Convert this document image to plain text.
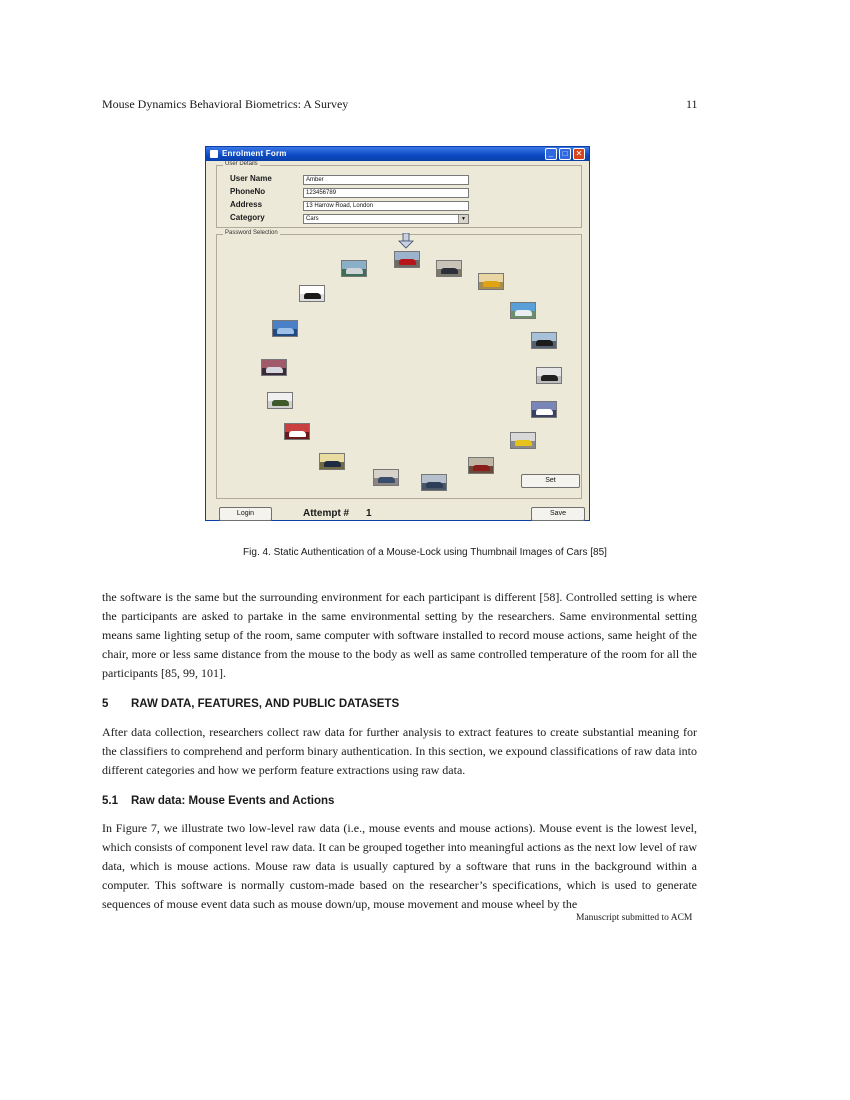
Mouse Dynamics Behavioral Biometrics: A Survey	11
Enrolment Form	_	□	✕
User Details
User Name	Amber
PhoneNo	123456789
Address	13 Harrow Road, London
Category	Cars	▼
Password Selection
Set
Login	Attempt # 1	Save
Fig. 4. Static Authentication of a Mouse-Lock using Thumbnail Images of Cars [85]

the software is the same but the surrounding environment for each participant is different [58]. Controlled setting is where the participants are asked to partake in the same environmental setting by the researchers. Same environmental setting means same lighting setup of the room, same computer with software installed to record mouse actions, same height of the chair, more or less same distance from the mouse to the body as well as same controlled temperature of the room for all the participants [85, 99, 101].

5 RAW DATA, FEATURES, AND PUBLIC DATASETS

After data collection, researchers collect raw data for further analysis to extract features to create substantial meaning for the classifiers to comprehend and perform binary authentication. In this section, we expound classifications of raw data into different categories and how we perform feature extractions using raw data.

5.1 Raw data: Mouse Events and Actions

In Figure 7, we illustrate two low-level raw data (i.e., mouse events and mouse actions). Mouse event is the lowest level, which consists of component level raw data. It can be grouped together into meaningful actions as the next low level of raw data, which is mouse actions. Mouse raw data is usually captured by a software that runs in the background within a computer. This software is normally custom-made based on the researcher’s specifications, which is used to generate sequences of mouse event data such as mouse down/up, mouse movement and mouse wheel by the

Manuscript submitted to ACM
